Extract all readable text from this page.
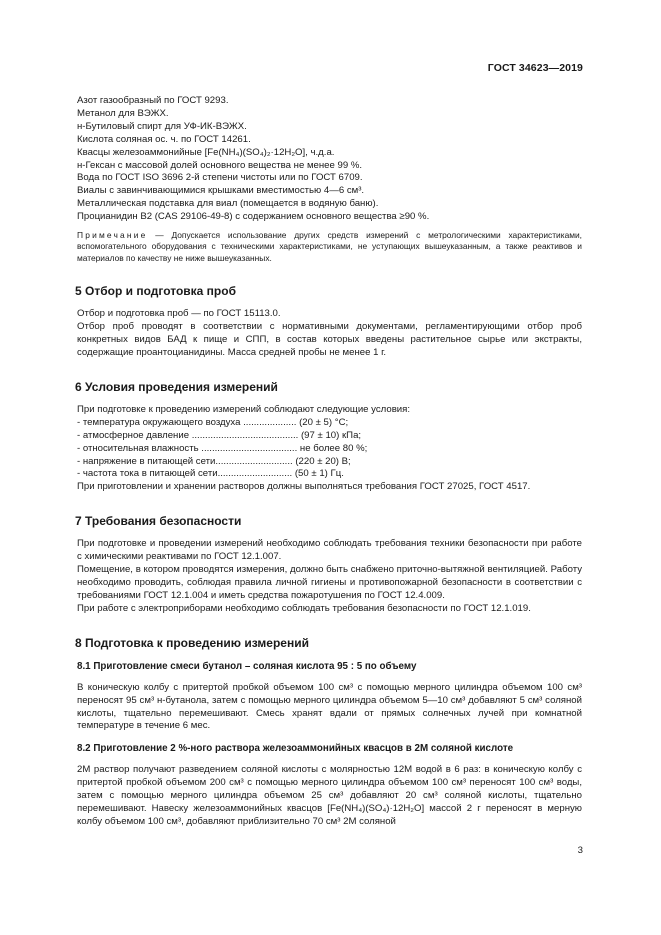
ГОСТ 34623—2019
Азот газообразный по ГОСТ 9293.
Метанол для ВЭЖХ.
н-Бутиловый спирт для УФ-ИК-ВЭЖХ.
Кислота соляная ос. ч. по ГОСТ 14261.
Квасцы железоаммонийные [Fe(NH₄)(SO₄)₂·12H₂O], ч.д.а.
н-Гексан с массовой долей основного вещества не менее 99 %.
Вода по ГОСТ ISO 3696 2-й степени чистоты или по ГОСТ 6709.
Виалы с завинчивающимися крышками вместимостью 4—6 см³.
Металлическая подставка для виал (помещается в водяную баню).
Процианидин B2 (CAS 29106-49-8) с содержанием основного вещества ≥90 %.
Примечание — Допускается использование других средств измерений с метрологическими характеристиками, вспомогательного оборудования с техническими характеристиками, не уступающих вышеуказанным, а также реактивов и материалов по качеству не ниже вышеуказанных.
5 Отбор и подготовка проб
Отбор и подготовка проб — по ГОСТ 15113.0.
Отбор проб проводят в соответствии с нормативными документами, регламентирующими отбор проб конкретных видов БАД к пище и СПП, в состав которых введены растительное сырье или экстракты, содержащие проантоцианидины. Масса средней пробы не менее 1 г.
6 Условия проведения измерений
При подготовке к проведению измерений соблюдают следующие условия:
- температура окружающего воздуха .................... (20 ± 5) °С;
- атмосферное давление ........................................ (97 ± 10) кПа;
- относительная влажность .................................... не более 80 %;
- напряжение в питающей сети............................. (220 ± 20) В;
- частота тока в питающей сети............................ (50 ± 1) Гц.
При приготовлении и хранении растворов должны выполняться требования ГОСТ 27025, ГОСТ 4517.
7 Требования безопасности
При подготовке и проведении измерений необходимо соблюдать требования техники безопасности при работе с химическими реактивами по ГОСТ 12.1.007.
Помещение, в котором проводятся измерения, должно быть снабжено приточно-вытяжной вентиляцией. Работу необходимо проводить, соблюдая правила личной гигиены и противопожарной безопасности в соответствии с требованиями ГОСТ 12.1.004 и иметь средства пожаротушения по ГОСТ 12.4.009.
При работе с электроприборами необходимо соблюдать требования безопасности по ГОСТ 12.1.019.
8 Подготовка к проведению измерений
8.1 Приготовление смеси бутанол – соляная кислота 95 : 5 по объему
В коническую колбу с притертой пробкой объемом 100 см³ с помощью мерного цилиндра объемом 100 см³ переносят 95 см³ н-бутанола, затем с помощью мерного цилиндра объемом 5—10 см³ добавляют 5 см³ соляной кислоты, тщательно перемешивают. Смесь хранят вдали от прямых солнечных лучей при комнатной температуре в течение 6 мес.
8.2 Приготовление 2 %-ного раствора железоаммонийных квасцов в 2М соляной кислоте
2М раствор получают разведением соляной кислоты с молярностью 12М водой в 6 раз: в коническую колбу с притертой пробкой объемом 200 см³ с помощью мерного цилиндра объемом 100 см³ переносят 100 см³ воды, затем с помощью мерного цилиндра объемом 25 см³ добавляют 20 см³ соляной кислоты, тщательно перемешивают. Навеску железоаммонийных квасцов [Fe(NH₄)(SO₄)·12H₂O] массой 2 г переносят в мерную колбу объемом 100 см³, добавляют приблизительно 70 см³ 2М соляной
3
